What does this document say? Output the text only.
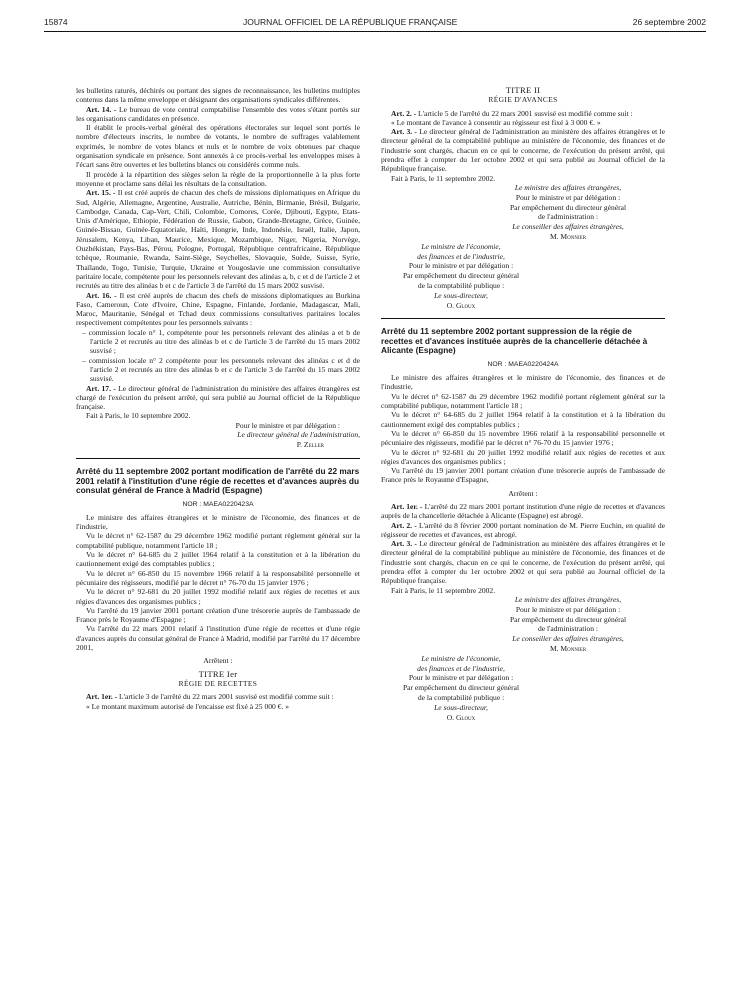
15874	JOURNAL OFFICIEL DE LA RÉPUBLIQUE FRANÇAISE	26 septembre 2002

les bulletins raturés, déchirés ou portant des signes de reconnaissance, les bulletins multiples contenus dans la même enveloppe et désignant des organisations syndicales différentes.

Art. 14. - Le bureau de vote central comptabilise l'ensemble des votes s'étant portés sur les organisations candidates en présence.

Il établit le procès-verbal général des opérations électorales sur lequel sont portés le nombre d'électeurs inscrits, le nombre de votants, le nombre de suffrages valablement exprimés, le nombre de votes blancs et nuls et le nombre de voix obtenues par chaque organisation syndicale en présence. Sont annexés à ce procès-verbal les enveloppes mises à l'écart sans être ouvertes et les bulletins blancs ou considérés comme nuls.

Il procède à la répartition des sièges selon la règle de la proportionnelle à la plus forte moyenne et proclame sans délai les résultats de la consultation.

Art. 15. - Il est créé auprès de chacun des chefs de missions diplomatiques en Afrique du Sud, Algérie, Allemagne, Argentine, Australie, Autriche, Bénin, Birmanie, Brésil, Bulgarie, Cambodge, Canada, Cap-Vert, Chili, Colombie, Comores, Corée, Djibouti, Egypte, Etats-Unis d'Amérique, Ethiopie, Fédération de Russie, Gabon, Grande-Bretagne, Grèce, Guinée, Guinée-Bissao, Guinée-Equatoriale, Haïti, Hongrie, Inde, Indonésie, Israël, Italie, Japon, Jérusalem, Kenya, Liban, Maurice, Mexique, Mozambique, Niger, Nigeria, Norvège, Ouzbékistan, Pays-Bas, Pérou, Pologne, Portugal, République centrafricaine, République tchèque, Roumanie, Rwanda, Saint-Siège, Seychelles, Slovaquie, Suède, Suisse, Syrie, Thaïlande, Togo, Tunisie, Turquie, Ukraine et Yougoslavie une commission consultative paritaire locale, compétente pour les personnels relevant des alinéas a, b, c et d de l'article 2 et recrutés au titre des alinéas b et c de l'article 3 de l'arrêté du 15 mars 2002 susvisé.

Art. 16. - Il est créé auprès de chacun des chefs de missions diplomatiques au Burkina Faso, Cameroun, Cote d'Ivoire, Chine, Espagne, Finlande, Jordanie, Madagascar, Mali, Maroc, Mauritanie, Sénégal et Tchad deux commissions consultatives paritaires locales respectivement compétentes pour les personnels suivants :

– commission locale n° 1, compétente pour les personnels relevant des alinéas a et b de l'article 2 et recrutés au titre des alinéas b et c de l'article 3 de l'arrêté du 15 mars 2002 susvisé ;

– commission locale n° 2 compétente pour les personnels relevant des alinéas c et d de l'article 2 et recrutés au titre des alinéas b et c de l'article 3 de l'arrêté du 15 mars 2002 susvisé.

Art. 17. - Le directeur général de l'administration du ministère des affaires étrangères est chargé de l'exécution du présent arrêté, qui sera publié au Journal officiel de la République française.

Fait à Paris, le 10 septembre 2002.

Pour le ministre et par délégation :

Le directeur général de l'administration,

P. Zeller

Arrêté du 11 septembre 2002 portant modification de l'arrêté du 22 mars 2001 relatif à l'institution d'une régie de recettes et d'avances auprès du consulat général de France à Madrid (Espagne)

NOR : MAEA0220423A

Le ministre des affaires étrangères et le ministre de l'économie, des finances et de l'industrie,

Vu le décret n° 62-1587 du 29 décembre 1962 modifié portant règlement général sur la comptabilité publique, notamment l'article 18 ;

Vu le décret n° 64-685 du 2 juillet 1964 relatif à la constitution et à la libération du cautionnement exigé des comptables publics ;

Vu le décret n° 66-850 du 15 novembre 1966 relatif à la responsabilité personnelle et pécuniaire des régisseurs, modifié par le décret n° 76-70 du 15 janvier 1976 ;

Vu le décret n° 92-681 du 20 juillet 1992 modifié relatif aux régies de recettes et aux régies d'avances des organismes publics ;

Vu l'arrêté du 19 janvier 2001 portant création d'une trésorerie auprès de l'ambassade de France près le Royaume d'Espagne ;

Vu l'arrêté du 22 mars 2001 relatif à l'institution d'une régie de recettes et d'une régie d'avances auprès du consulat général de France à Madrid, modifié par l'arrêté du 17 décembre 2001,

Arrêtent :

TITRE Ier

RÉGIE DE RECETTES

Art. 1er. - L'article 3 de l'arrêté du 22 mars 2001 susvisé est modifié comme suit :

« Le montant maximum autorisé de l'encaisse est fixé à 25 000 €. »

TITRE II

RÉGIE D'AVANCES

Art. 2. - L'article 5 de l'arrêté du 22 mars 2001 susvisé est modifié comme suit :

« Le montant de l'avance à consentir au régisseur est fixé à 3 000 €. »

Art. 3. - Le directeur général de l'administration au ministère des affaires étrangères et le directeur général de la comptabilité publique au ministère de l'économie, des finances et de l'industrie sont chargés, chacun en ce qui le concerne, de l'exécution du présent arrêté, qui prendra effet à compter du 1er octobre 2002 et qui sera publié au Journal officiel de la République française.

Fait à Paris, le 11 septembre 2002.

Le ministre des affaires étrangères,

Pour le ministre et par délégation :

Par empêchement du directeur général

de l'administration :

Le conseiller des affaires étrangères,

M. Monnier

Le ministre de l'économie,

des finances et de l'industrie,

Pour le ministre et par délégation :

Par empêchement du directeur général

de la comptabilité publique :

Le sous-directeur,

O. Gloux

Arrêté du 11 septembre 2002 portant suppression de la régie de recettes et d'avances instituée auprès de la chancellerie détachée à Alicante (Espagne)

NOR : MAEA0220424A

Le ministre des affaires étrangères et le ministre de l'économie, des finances et de l'industrie,

Vu le décret n° 62-1587 du 29 décembre 1962 modifié portant règlement général sur la comptabilité publique, notamment l'article 18 ;

Vu le décret n° 64-685 du 2 juillet 1964 relatif à la constitution et à la libération du cautionnement exigé des comptables publics ;

Vu le décret n° 66-850 du 15 novembre 1966 relatif à la responsabilité personnelle et pécuniaire des régisseurs, modifié par le décret n° 76-70 du 15 janvier 1976 ;

Vu le décret n° 92-681 du 20 juillet 1992 modifié relatif aux régies de recettes et aux régies d'avances des organismes publics ;

Vu l'arrêté du 19 janvier 2001 portant création d'une trésorerie auprès de l'ambassade de France près le Royaume d'Espagne,

Arrêtent :

Art. 1er. - L'arrêté du 22 mars 2001 portant institution d'une régie de recettes et d'avances auprès de la chancellerie détachée à Alicante (Espagne) est abrogé.

Art. 2. - L'arrêté du 8 février 2000 portant nomination de M. Pierre Euchin, en qualité de régisseur de recettes et d'avances, est abrogé.

Art. 3. - Le directeur général de l'administration au ministère des affaires étrangères et le directeur général de la comptabilité publique au ministère de l'économie, des finances et de l'industrie sont chargés, chacun en ce qui le concerne, de l'exécution du présent arrêté, qui prendra effet à compter du 1er octobre 2002 et qui sera publié au Journal officiel de la République française.

Fait à Paris, le 11 septembre 2002.

Le ministre des affaires étrangères,

Pour le ministre et par délégation :

Par empêchement du directeur général

de l'administration :

Le conseiller des affaires étrangères,

M. Monnier

Le ministre de l'économie,

des finances et de l'industrie,

Pour le ministre et par délégation :

Par empêchement du directeur général

de la comptabilité publique :

Le sous-directeur,

O. Gloux
